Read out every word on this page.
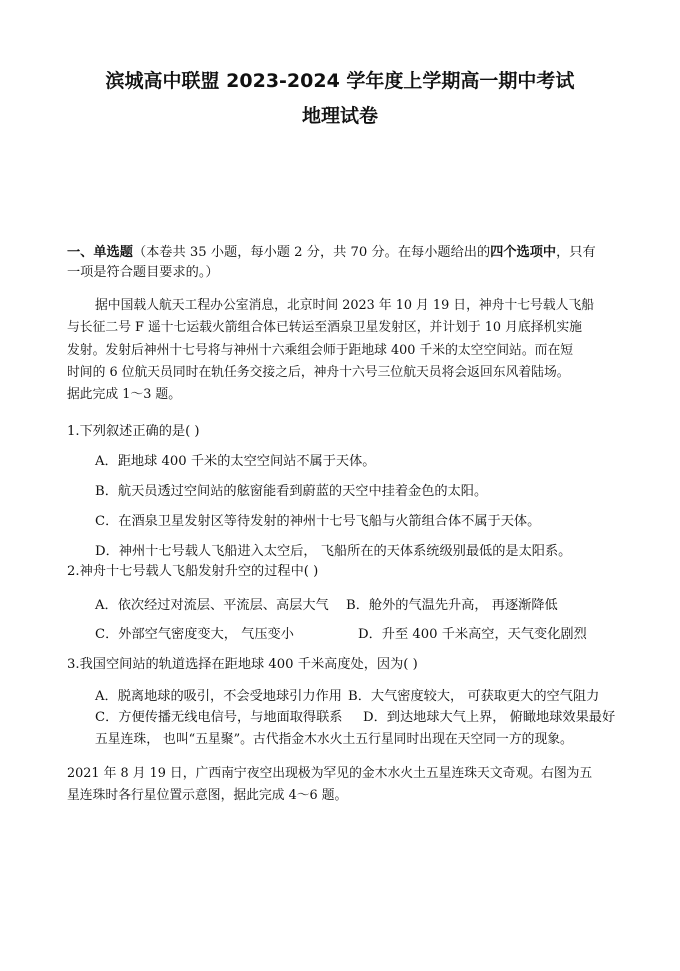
滨城高中联盟 2023-2024 学年度上学期高一期中考试
地理试卷
一、单选题（本卷共 35 小题，每小题 2 分，共 70 分。在每小题给出的四个选项中，只有
一项是符合题目要求的。）
据中国载人航天工程办公室消息，北京时间 2023 年 10 月 19 日，神舟十七号载人飞船
与长征二号 F 遥十七运载火箭组合体已转运至酒泉卫星发射区，并计划于 10 月底择机实施
发射。发射后神州十七号将与神州十六乘组会师于距地球 400 千米的太空空间站。而在短
时间的 6 位航天员同时在轨任务交接之后，神舟十六号三位航天员将会返回东风着陆场。
据此完成 1～3 题。
1.下列叙述正确的是( )
A．距地球 400 千米的太空空间站不属于天体。
B．航天员透过空间站的舷窗能看到蔚蓝的天空中挂着金色的太阳。
C．在酒泉卫星发射区等待发射的神州十七号飞船与火箭组合体不属于天体。
D．神州十七号载人飞船进入太空后， 飞船所在的天体系统级别最低的是太阳系。
2.神舟十七号载人飞船发射升空的过程中( )
A．依次经过对流层、平流层、高层大气 B．舱外的气温先升高， 再逐渐降低
C．外部空气密度变大， 气压变小	D．升至 400 千米高空，天气变化剧烈
3.我国空间站的轨道选择在距地球 400 千米高度处，因为( )
A．脱离地球的吸引，不会受地球引力作用 B．大气密度较大， 可获取更大的空气阻力
C．方便传播无线电信号，与地面取得联系 D．到达地球大气上界， 俯瞰地球效果最好
五星连珠， 也叫“五星聚”。古代指金木水火土五行星同时出现在天空同一方的现象。
2021 年 8 月 19 日，广西南宁夜空出现极为罕见的金木水火土五星连珠天文奇观。右图为五
星连珠时各行星位置示意图，据此完成 4～6 题。
